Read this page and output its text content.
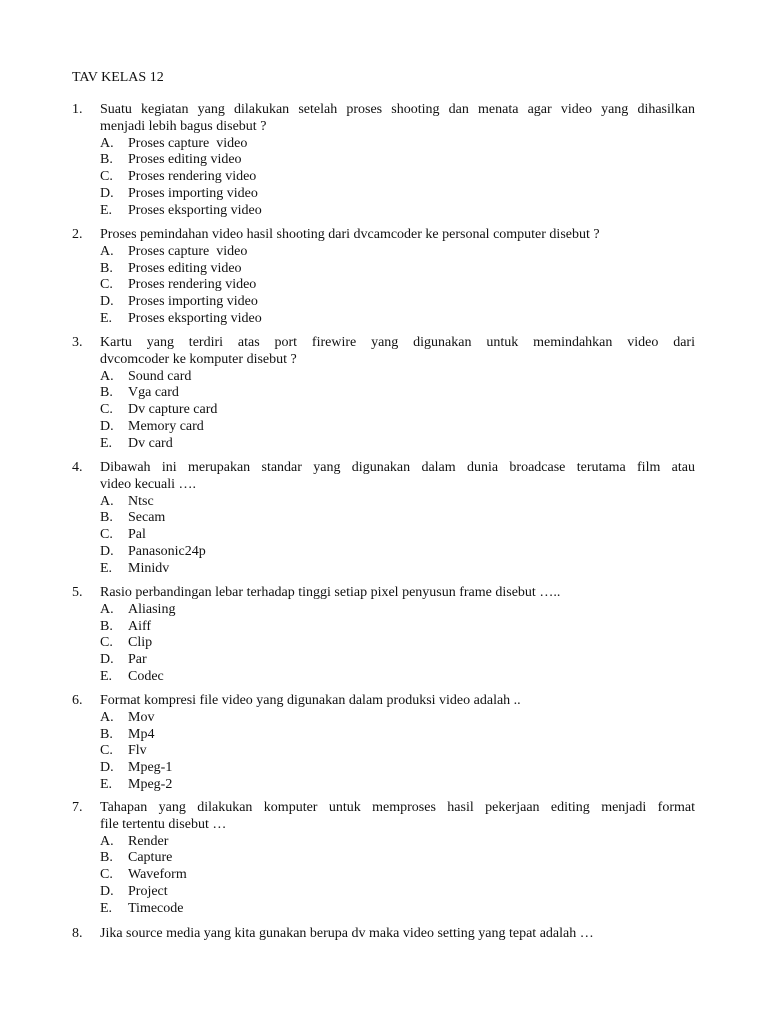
TAV KELAS 12
1.	Suatu kegiatan yang dilakukan setelah proses shooting dan menata agar video yang dihasilkan
menjadi lebih bagus disebut ?
A. Proses capture  video
B. Proses editing video
C. Proses rendering video
D. Proses importing video
E. Proses eksporting video
2.	Proses pemindahan video hasil shooting dari dvcamcoder ke personal computer disebut ?
A. Proses capture  video
B. Proses editing video
C. Proses rendering video
D. Proses importing video
E. Proses eksporting video
3.	Kartu yang terdiri atas port firewire yang digunakan untuk memindahkan video dari
dvcomcoder ke komputer disebut ?
A. Sound card
B. Vga card
C. Dv capture card
D. Memory card
E. Dv card
4.	Dibawah ini merupakan standar yang digunakan dalam dunia broadcase terutama film atau
video kecuali ….
A. Ntsc
B. Secam
C. Pal
D. Panasonic24p
E. Minidv
5.	Rasio perbandingan lebar terhadap tinggi setiap pixel penyusun frame disebut …..
A. Aliasing
B. Aiff
C. Clip
D. Par
E. Codec
6.	Format kompresi file video yang digunakan dalam produksi video adalah ..
A. Mov
B. Mp4
C. Flv
D. Mpeg-1
E. Mpeg-2
7.	Tahapan yang dilakukan komputer untuk memproses hasil pekerjaan editing menjadi format
file tertentu disebut …
A. Render
B. Capture
C. Waveform
D. Project
E. Timecode
8.	Jika source media yang kita gunakan berupa dv maka video setting yang tepat adalah …
